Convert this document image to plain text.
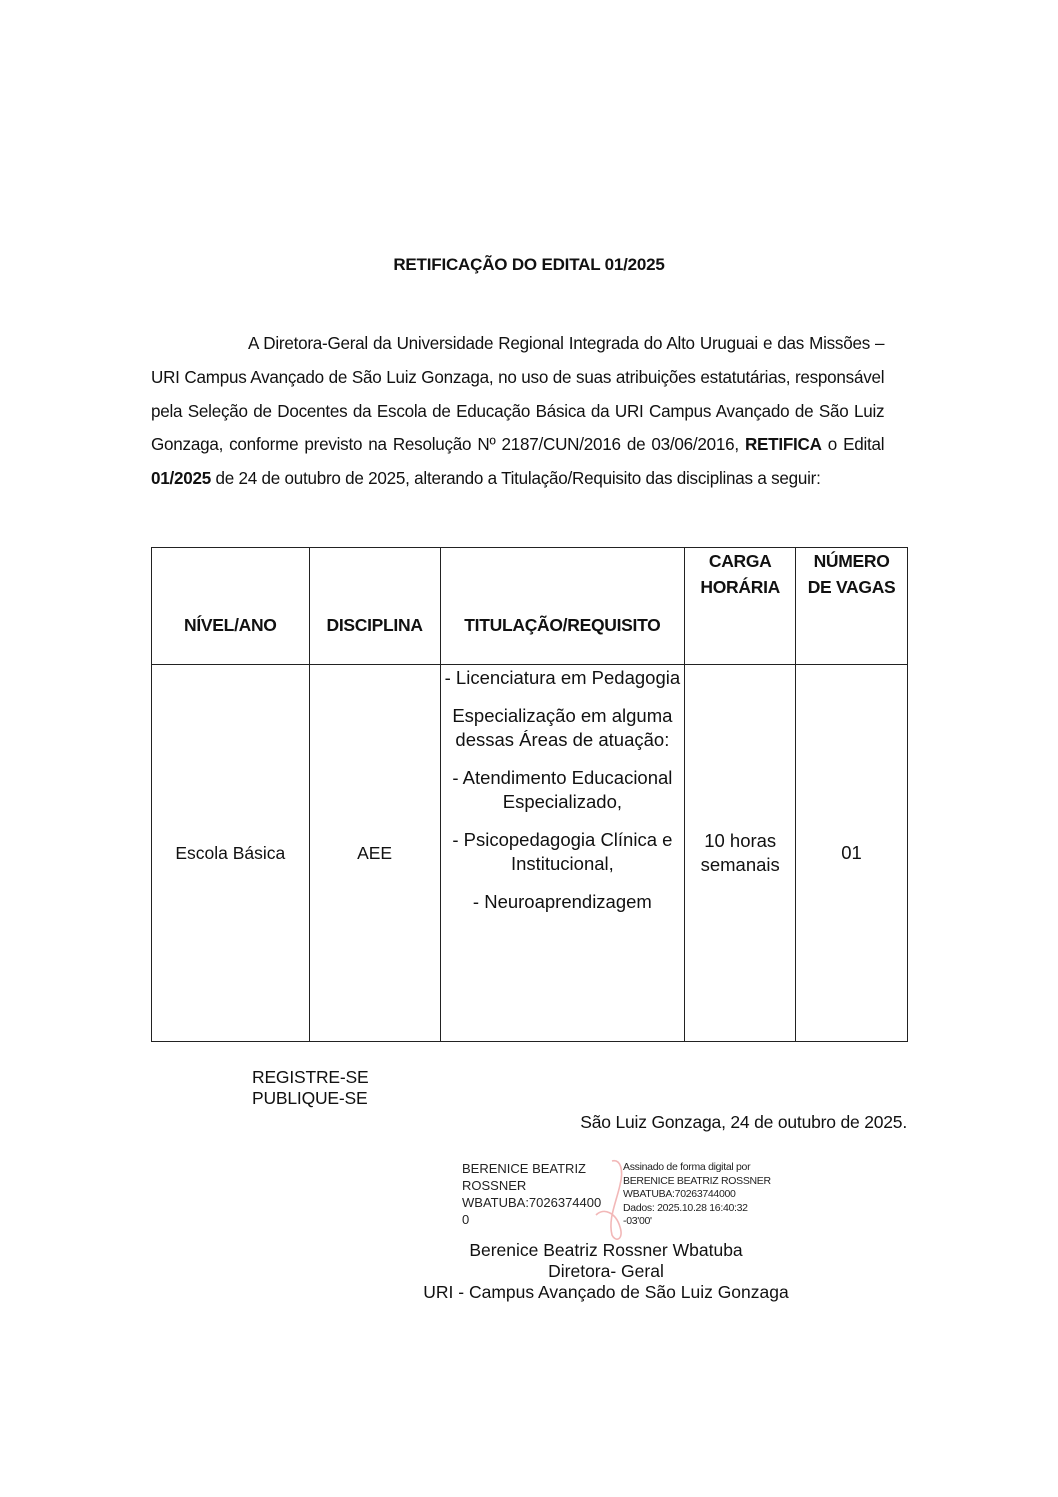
RETIFICAÇÃO DO EDITAL 01/2025
A Diretora-Geral da Universidade Regional Integrada do Alto Uruguai e das Missões – URI Campus Avançado de São Luiz Gonzaga, no uso de suas atribuições estatutárias, responsável pela Seleção de Docentes da Escola de Educação Básica da URI Campus Avançado de São Luiz Gonzaga, conforme previsto na Resolução Nº 2187/CUN/2016 de 03/06/2016, RETIFICA o Edital 01/2025 de 24 de outubro de 2025, alterando a Titulação/Requisito das disciplinas a seguir:
NÍVEL/ANO	DISCIPLINA	TITULAÇÃO/REQUISITO	CARGA HORÁRIA	NÚMERO DE VAGAS
Escola Básica	AEE	- Licenciatura em Pedagogia

Especialização em alguma dessas Áreas de atuação:

- Atendimento Educacional Especializado,

- Psicopedagogia Clínica e Institucional,

- Neuroaprendizagem	10 horas semanais	01
REGISTRE-SE
PUBLIQUE-SE
São Luiz Gonzaga, 24 de outubro de 2025.
BERENICE BEATRIZ
ROSSNER
WBATUBA:7026374400
0
Assinado de forma digital por
BERENICE BEATRIZ ROSSNER
WBATUBA:70263744000
Dados: 2025.10.28 16:40:32
-03'00'
Berenice Beatriz Rossner Wbatuba
Diretora- Geral
URI - Campus Avançado de São Luiz Gonzaga
